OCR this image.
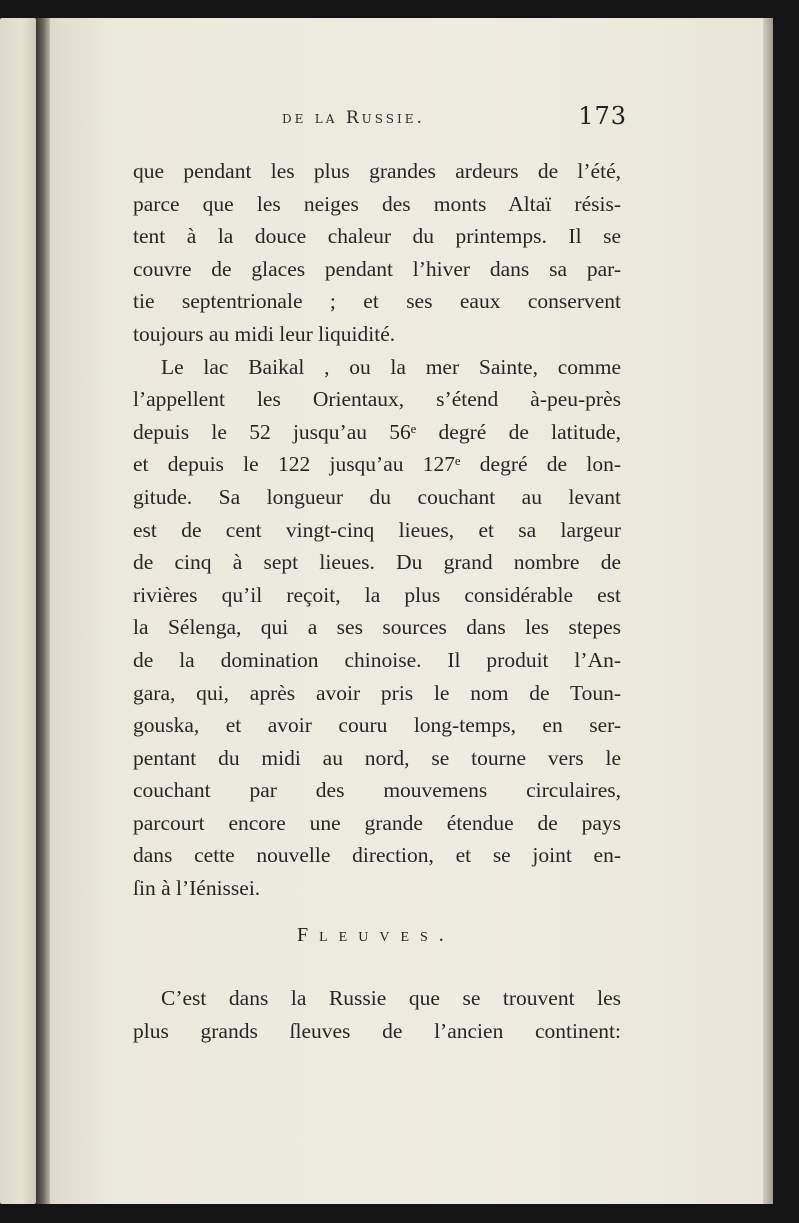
de la Russie.	173
que pendant les plus grandes ardeurs de l’été,
parce que les neiges des monts Altaï résis-
tent à la douce chaleur du printemps. Il se
couvre de glaces pendant l’hiver dans sa par-
tie septentrionale ; et ses eaux conservent
toujours au midi leur liquidité.
Le lac Baikal , ou la mer Sainte, comme
l’appellent les Orientaux, s’étend à-peu-près
depuis le 52 jusqu’au 56ᵉ degré de latitude,
et depuis le 122 jusqu’au 127ᵉ degré de lon-
gitude. Sa longueur du couchant au levant
est de cent vingt-cinq lieues, et sa largeur
de cinq à sept lieues. Du grand nombre de
rivières qu’il reçoit, la plus considérable est
la Sélenga, qui a ses sources dans les stepes
de la domination chinoise. Il produit l’An-
gara, qui, après avoir pris le nom de Toun-
gouska, et avoir couru long-temps, en ser-
pentant du midi au nord, se tourne vers le
couchant par des mouvemens circulaires,
parcourt encore une grande étendue de pays
dans cette nouvelle direction, et se joint en-
ſin à l’Iénissei.
Fleuves.
C’est dans la Russie que se trouvent les
plus grands ſleuves de l’ancien continent:
